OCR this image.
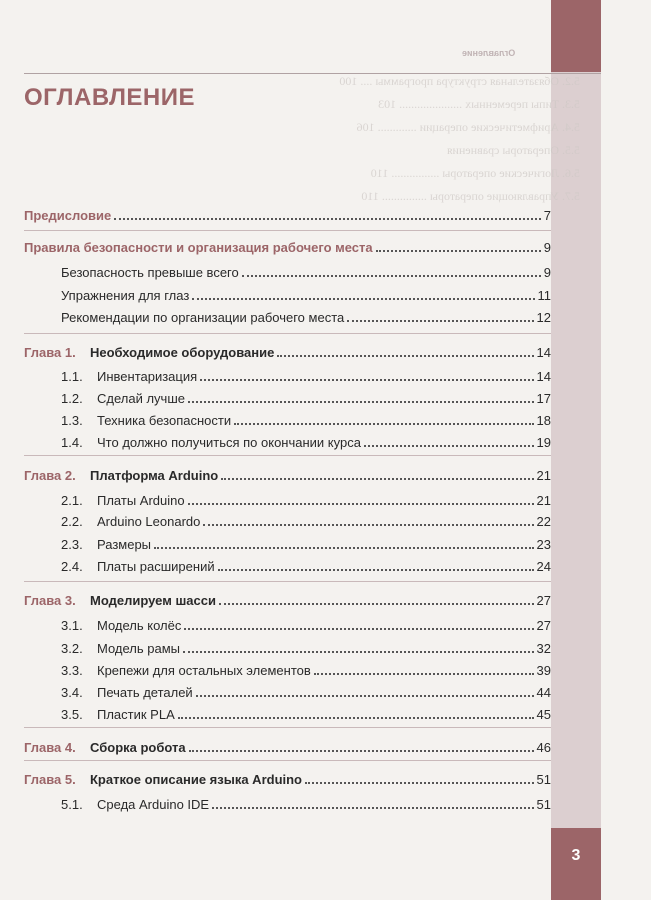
3
Оглавление
5.2. Обязательная структура программы .... 100
5.3. Типы переменных ..................... 103
5.4. Арифметические операции ............. 106
5.5. Операторы сравнения
5.6. Логические операторы ................ 110
5.7. Управляющие операторы ............... 110
ОГЛАВЛЕНИЕ
Предисловие	7
Правила безопасности и организация рабочего места	9
Безопасность превыше всего	9
Упражнения для глаз	11
Рекомендации по организации рабочего места	12
Глава 1.	Необходимое оборудование	14
1.1.	Инвентаризация	14
1.2.	Сделай лучше	17
1.3.	Техника безопасности	18
1.4.	Что должно получиться по окончании курса	19
Глава 2.	Платформа Arduino	21
2.1.	Платы Arduino	21
2.2.	Arduino Leonardo	22
2.3.	Размеры	23
2.4.	Платы расширений	24
Глава 3.	Моделируем шасси	27
3.1.	Модель колёс	27
3.2.	Модель рамы	32
3.3.	Крепежи для остальных элементов	39
3.4.	Печать деталей	44
3.5.	Пластик PLA	45
Глава 4.	Сборка робота	46
Глава 5.	Краткое описание языка Arduino	51
5.1.	Среда Arduino IDE	51
